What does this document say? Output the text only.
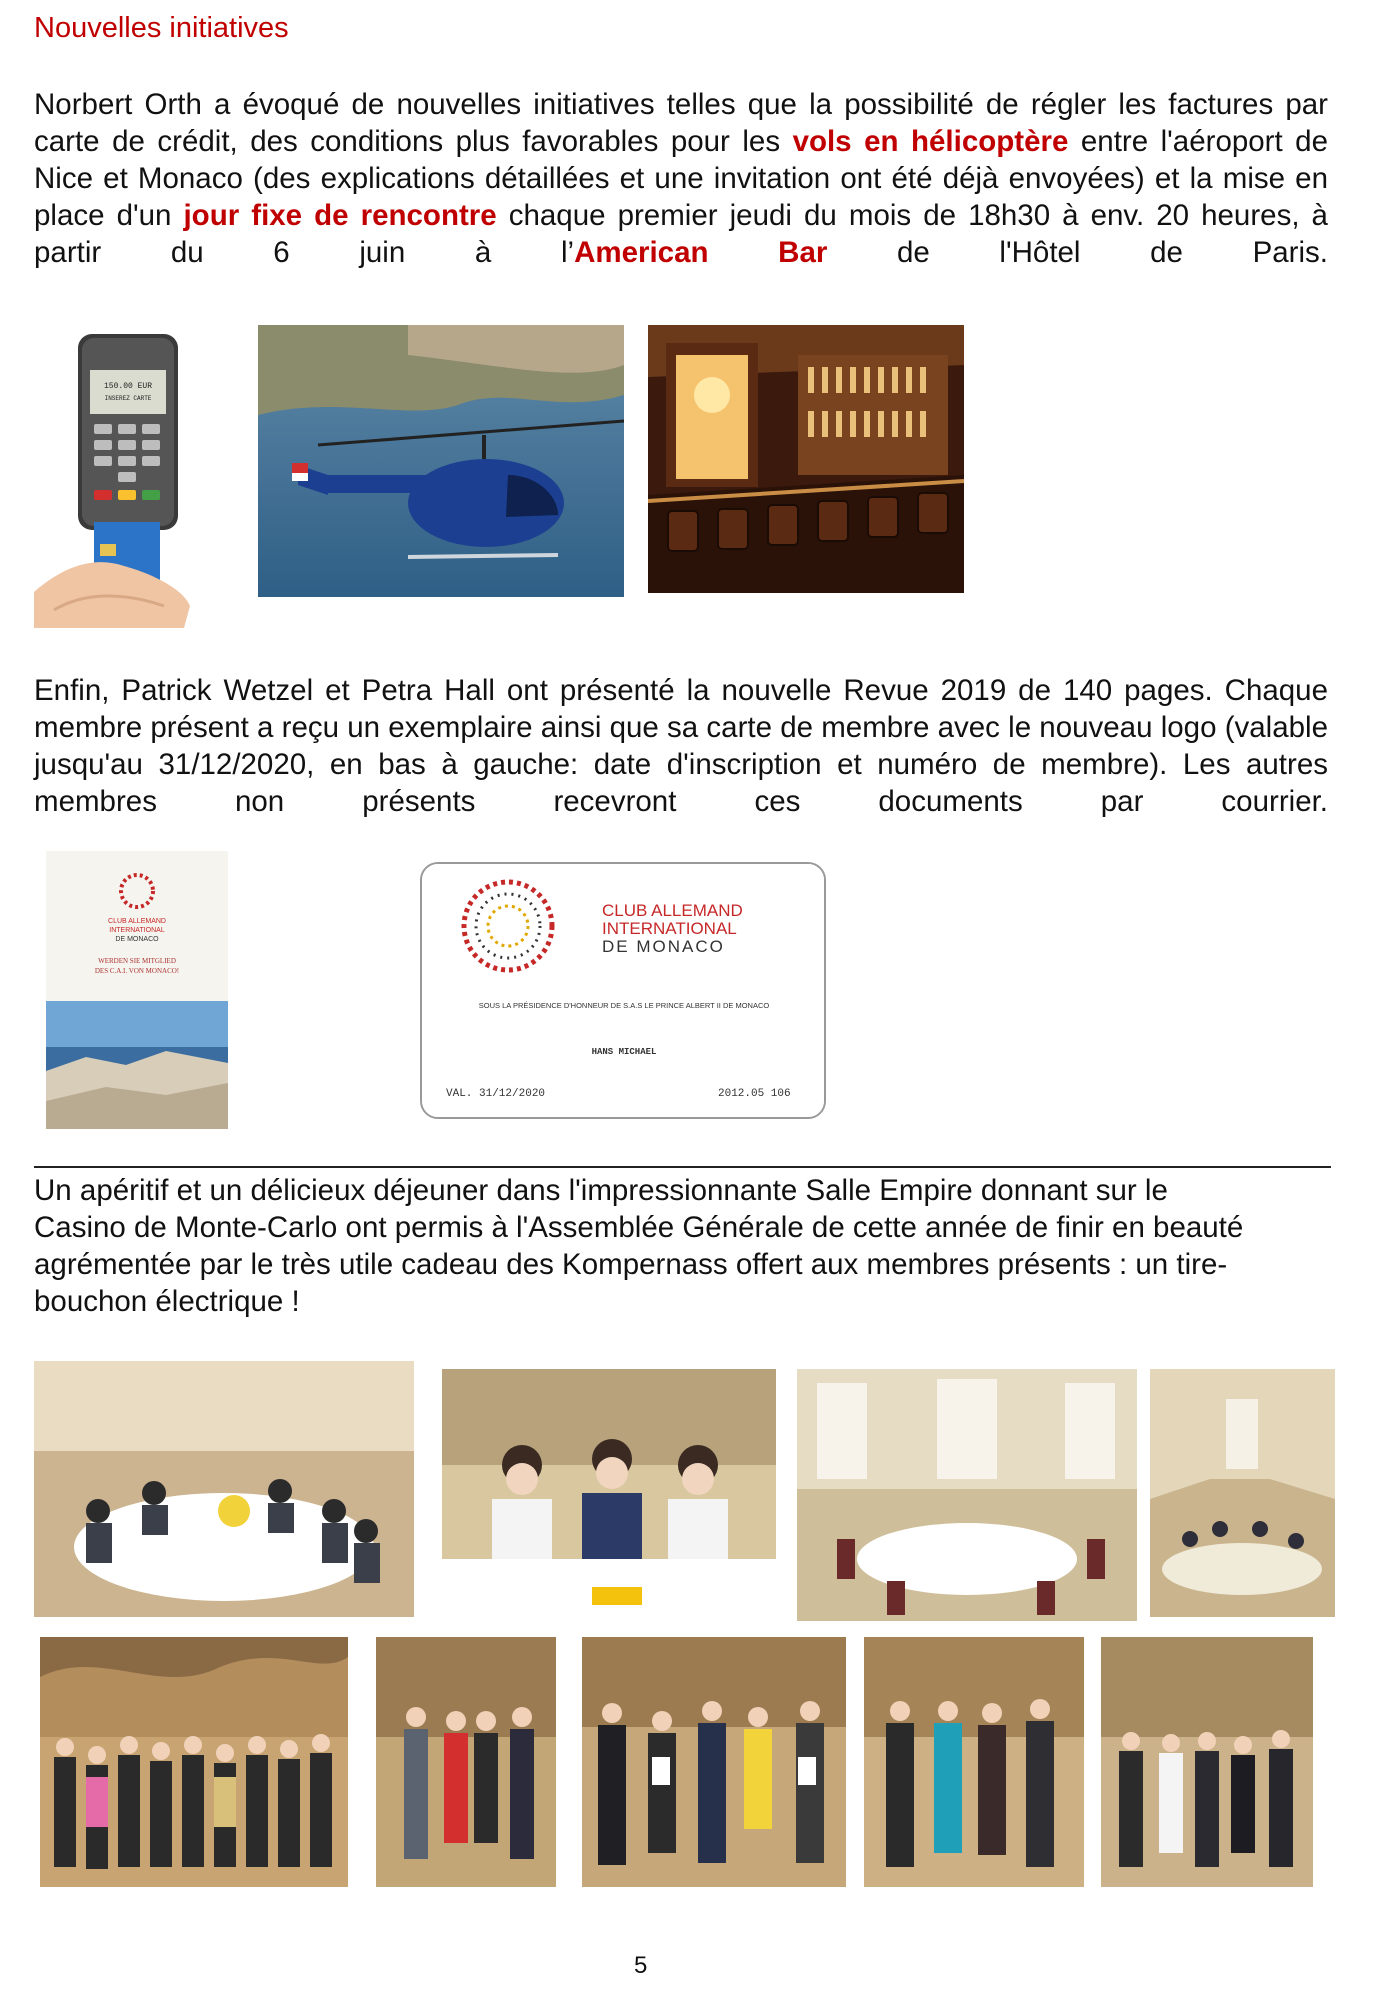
Nouvelles initiatives
Norbert Orth a évoqué de nouvelles initiatives telles que la possibilité de régler les factures par carte de crédit, des conditions plus favorables pour les vols en hélicoptère entre l'aéroport de Nice et Monaco (des explications détaillées et une invitation ont été déjà envoyées) et la mise en place d'un jour fixe de rencontre chaque premier jeudi du mois de 18h30 à env. 20 heures, à partir du 6 juin à l’American Bar de l'Hôtel de Paris.
150.00 EUR
INSEREZ CARTE
Enfin, Patrick Wetzel et Petra Hall ont présenté la nouvelle Revue 2019 de 140 pages. Chaque membre présent a reçu un exemplaire ainsi que sa carte de membre avec le nouveau logo (valable jusqu'au 31/12/2020, en bas à gauche: date d'inscription et numéro de membre). Les autres membres non présents recevront ces documents par courrier.
CLUB ALLEMAND
INTERNATIONAL
DE MONACO
WERDEN SIE MITGLIED
DES C.A.I. VON MONACO!
CLUB ALLEMAND
INTERNATIONAL
DE MONACO
SOUS LA PRÉSIDENCE D'HONNEUR DE S.A.S LE PRINCE ALBERT II DE MONACO
HANS MICHAEL
VAL. 31/12/2020	2012.05 106
Un apéritif et un délicieux déjeuner dans l'impressionnante Salle Empire donnant sur le Casino de Monte-Carlo ont permis à l'Assemblée Générale de cette année de finir en beauté agrémentée par le très utile cadeau des Kompernass offert aux membres présents : un tire-bouchon électrique !
5
